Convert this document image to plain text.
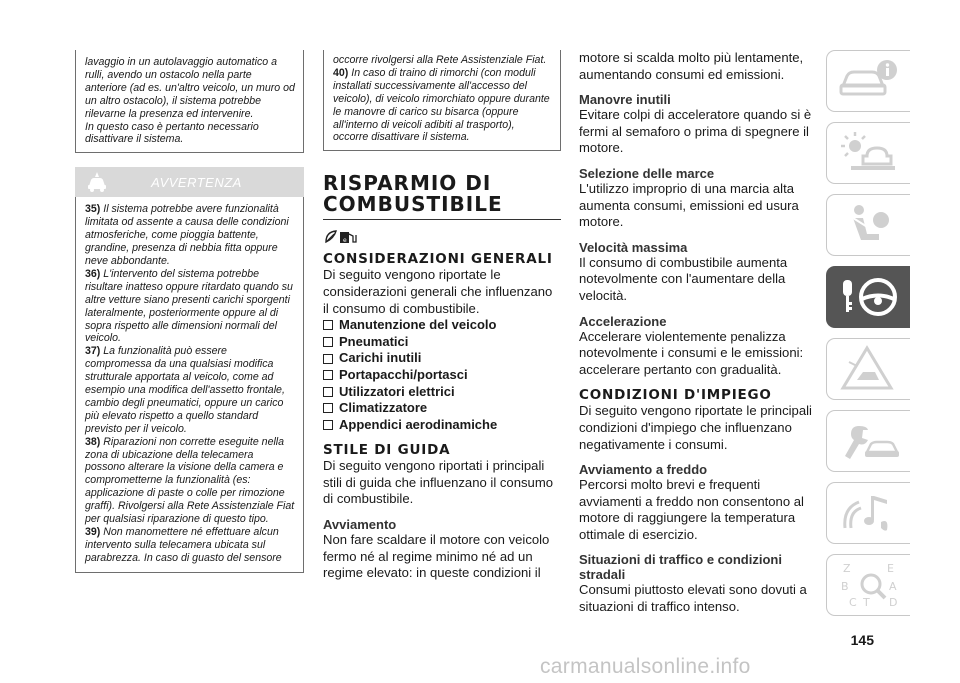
lavaggio in un autolavaggio automatico a rulli, avendo un ostacolo nella parte anteriore (ad es. un'altro veicolo, un muro od un altro ostacolo), il sistema potrebbe rilevarne la presenza ed intervenire.

In questo caso è pertanto necessario disattivare il sistema.

AVVERTENZA

35) Il sistema potrebbe avere funzionalità limitata od assente a causa delle condizioni atmosferiche, come pioggia battente, grandine, presenza di nebbia fitta oppure neve abbondante.

36) L'intervento del sistema potrebbe risultare inatteso oppure ritardato quando su altre vetture siano presenti carichi sporgenti lateralmente, posteriormente oppure al di sopra rispetto alle dimensioni normali del veicolo.

37) La funzionalità può essere compromessa da una qualsiasi modifica strutturale apportata al veicolo, come ad esempio una modifica dell'assetto frontale, cambio degli pneumatici, oppure un carico più elevato rispetto a quello standard previsto per il veicolo.

38) Riparazioni non corrette eseguite nella zona di ubicazione della telecamera possono alterare la visione della camera e comprometterne la funzionalità (es: applicazione di paste o colle per rimozione graffi). Rivolgersi alla Rete Assistenziale Fiat per qualsiasi riparazione di questo tipo.

39) Non manomettere né effettuare alcun intervento sulla telecamera ubicata sul parabrezza. In caso di guasto del sensore

occorre rivolgersi alla Rete Assistenziale Fiat.

40) In caso di traino di rimorchi (con moduli installati successivamente all'accesso del veicolo), di veicolo rimorchiato oppure durante le manovre di carico su bisarca (oppure all'interno di veicoli adibiti al trasporto), occorre disattivare il sistema.

RISPARMIO DI COMBUSTIBILE
e
CONSIDERAZIONI GENERALI

Di seguito vengono riportate le considerazioni generali che influenzano il consumo di combustibile.

Manutenzione del veicolo
Pneumatici
Carichi inutili
Portapacchi/portasci
Utilizzatori elettrici
Climatizzatore
Appendici aerodinamiche
STILE DI GUIDA

Di seguito vengono riportati i principali stili di guida che influenzano il consumo di combustibile.

Avviamento

Non fare scaldare il motore con veicolo fermo né al regime minimo né ad un regime elevato: in queste condizioni il

motore si scalda molto più lentamente, aumentando consumi ed emissioni.

Manovre inutili

Evitare colpi di acceleratore quando si è fermi al semaforo o prima di spegnere il motore.

Selezione delle marce

L'utilizzo improprio di una marcia alta aumenta consumi, emissioni ed usura motore.

Velocità massima

Il consumo di combustibile aumenta notevolmente con l'aumentare della velocità.

Accelerazione

Accelerare violentemente penalizza notevolmente i consumi e le emissioni: accelerare pertanto con gradualità.

CONDIZIONI D'IMPIEGO

Di seguito vengono riportate le principali condizioni d'impiego che influenzano negativamente i consumi.

Avviamento a freddo

Percorsi molto brevi e frequenti avviamenti a freddo non consentono al motore di raggiungere la temperatura ottimale di esercizio.

Situazioni di traffico e condizioni stradali

Consumi piuttosto elevati sono dovuti a situazioni di traffico intenso.

Z	E
B	A
C T D
145
carmanualsonline.info
